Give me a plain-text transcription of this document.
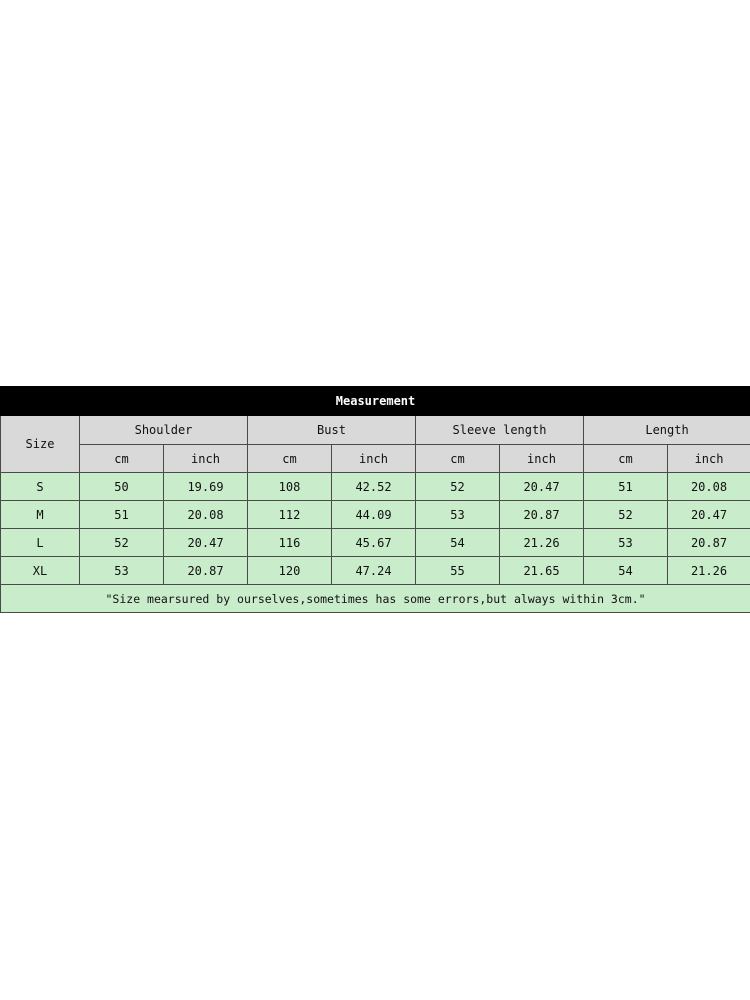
Measurement								
Size	Shoulder		Bust		Sleeve length		Length	
	cm	inch	cm	inch	cm	inch	cm	inch
S	50	19.69	108	42.52	52	20.47	51	20.08
M	51	20.08	112	44.09	53	20.87	52	20.47
L	52	20.47	116	45.67	54	21.26	53	20.87
XL	53	20.87	120	47.24	55	21.65	54	21.26
"Size mearsured by ourselves,sometimes has some errors,but always within 3cm."								
